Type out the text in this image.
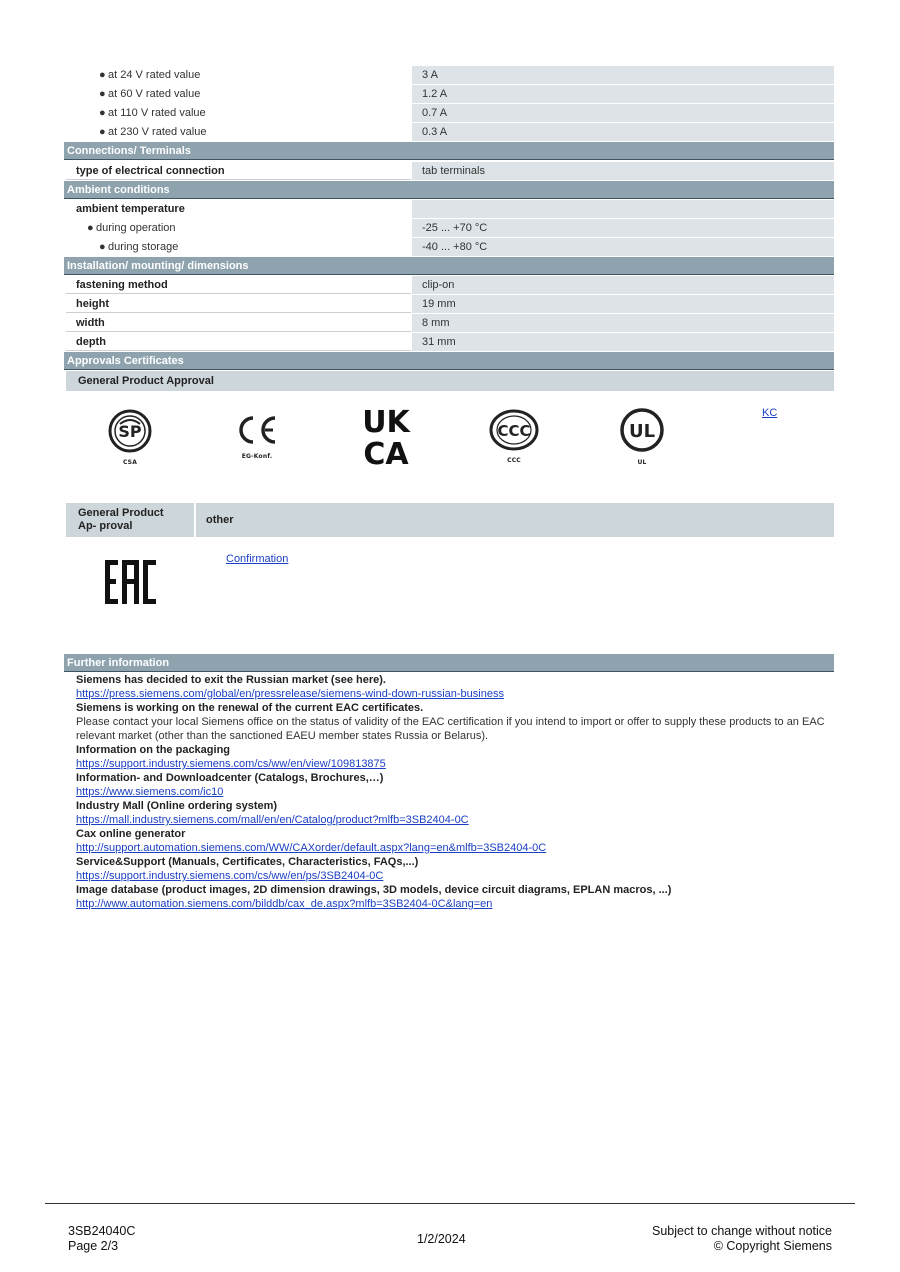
● at 24 V rated value	3 A
● at 60 V rated value	1.2 A
● at 110 V rated value	0.7 A
● at 230 V rated value	0.3 A
Connections/ Terminals
type of electrical connection	tab terminals
Ambient conditions
ambient temperature
● during operation	-25 ... +70 °C
● during storage	-40 ... +80 °C
Installation/ mounting/ dimensions
fastening method	clip-on
height	19 mm
width	8 mm
depth	31 mm
Approvals Certificates
General Product Approval
SP
CSA
EG-Konf.
UK
CA
CCC
CCC
UL
UL
KC
General Product Ap- proval	other
Confirmation
Further information
Siemens has decided to exit the Russian market (see here).
https://press.siemens.com/global/en/pressrelease/siemens-wind-down-russian-business
Siemens is working on the renewal of the current EAC certificates.
Please contact your local Siemens office on the status of validity of the EAC certification if you intend to import or offer to supply these products to an EAC relevant market (other than the sanctioned EAEU member states Russia or Belarus).
Information on the packaging
https://support.industry.siemens.com/cs/ww/en/view/109813875
Information- and Downloadcenter (Catalogs, Brochures,…)
https://www.siemens.com/ic10
Industry Mall (Online ordering system)
https://mall.industry.siemens.com/mall/en/en/Catalog/product?mlfb=3SB2404-0C
Cax online generator
http://support.automation.siemens.com/WW/CAXorder/default.aspx?lang=en&mlfb=3SB2404-0C
Service&Support (Manuals, Certificates, Characteristics, FAQs,...)
https://support.industry.siemens.com/cs/ww/en/ps/3SB2404-0C
Image database (product images, 2D dimension drawings, 3D models, device circuit diagrams, EPLAN macros, ...)
http://www.automation.siemens.com/bilddb/cax_de.aspx?mlfb=3SB2404-0C&lang=en
3SB24040C
Page 2/3	1/2/2024
Subject to change without notice
© Copyright Siemens
